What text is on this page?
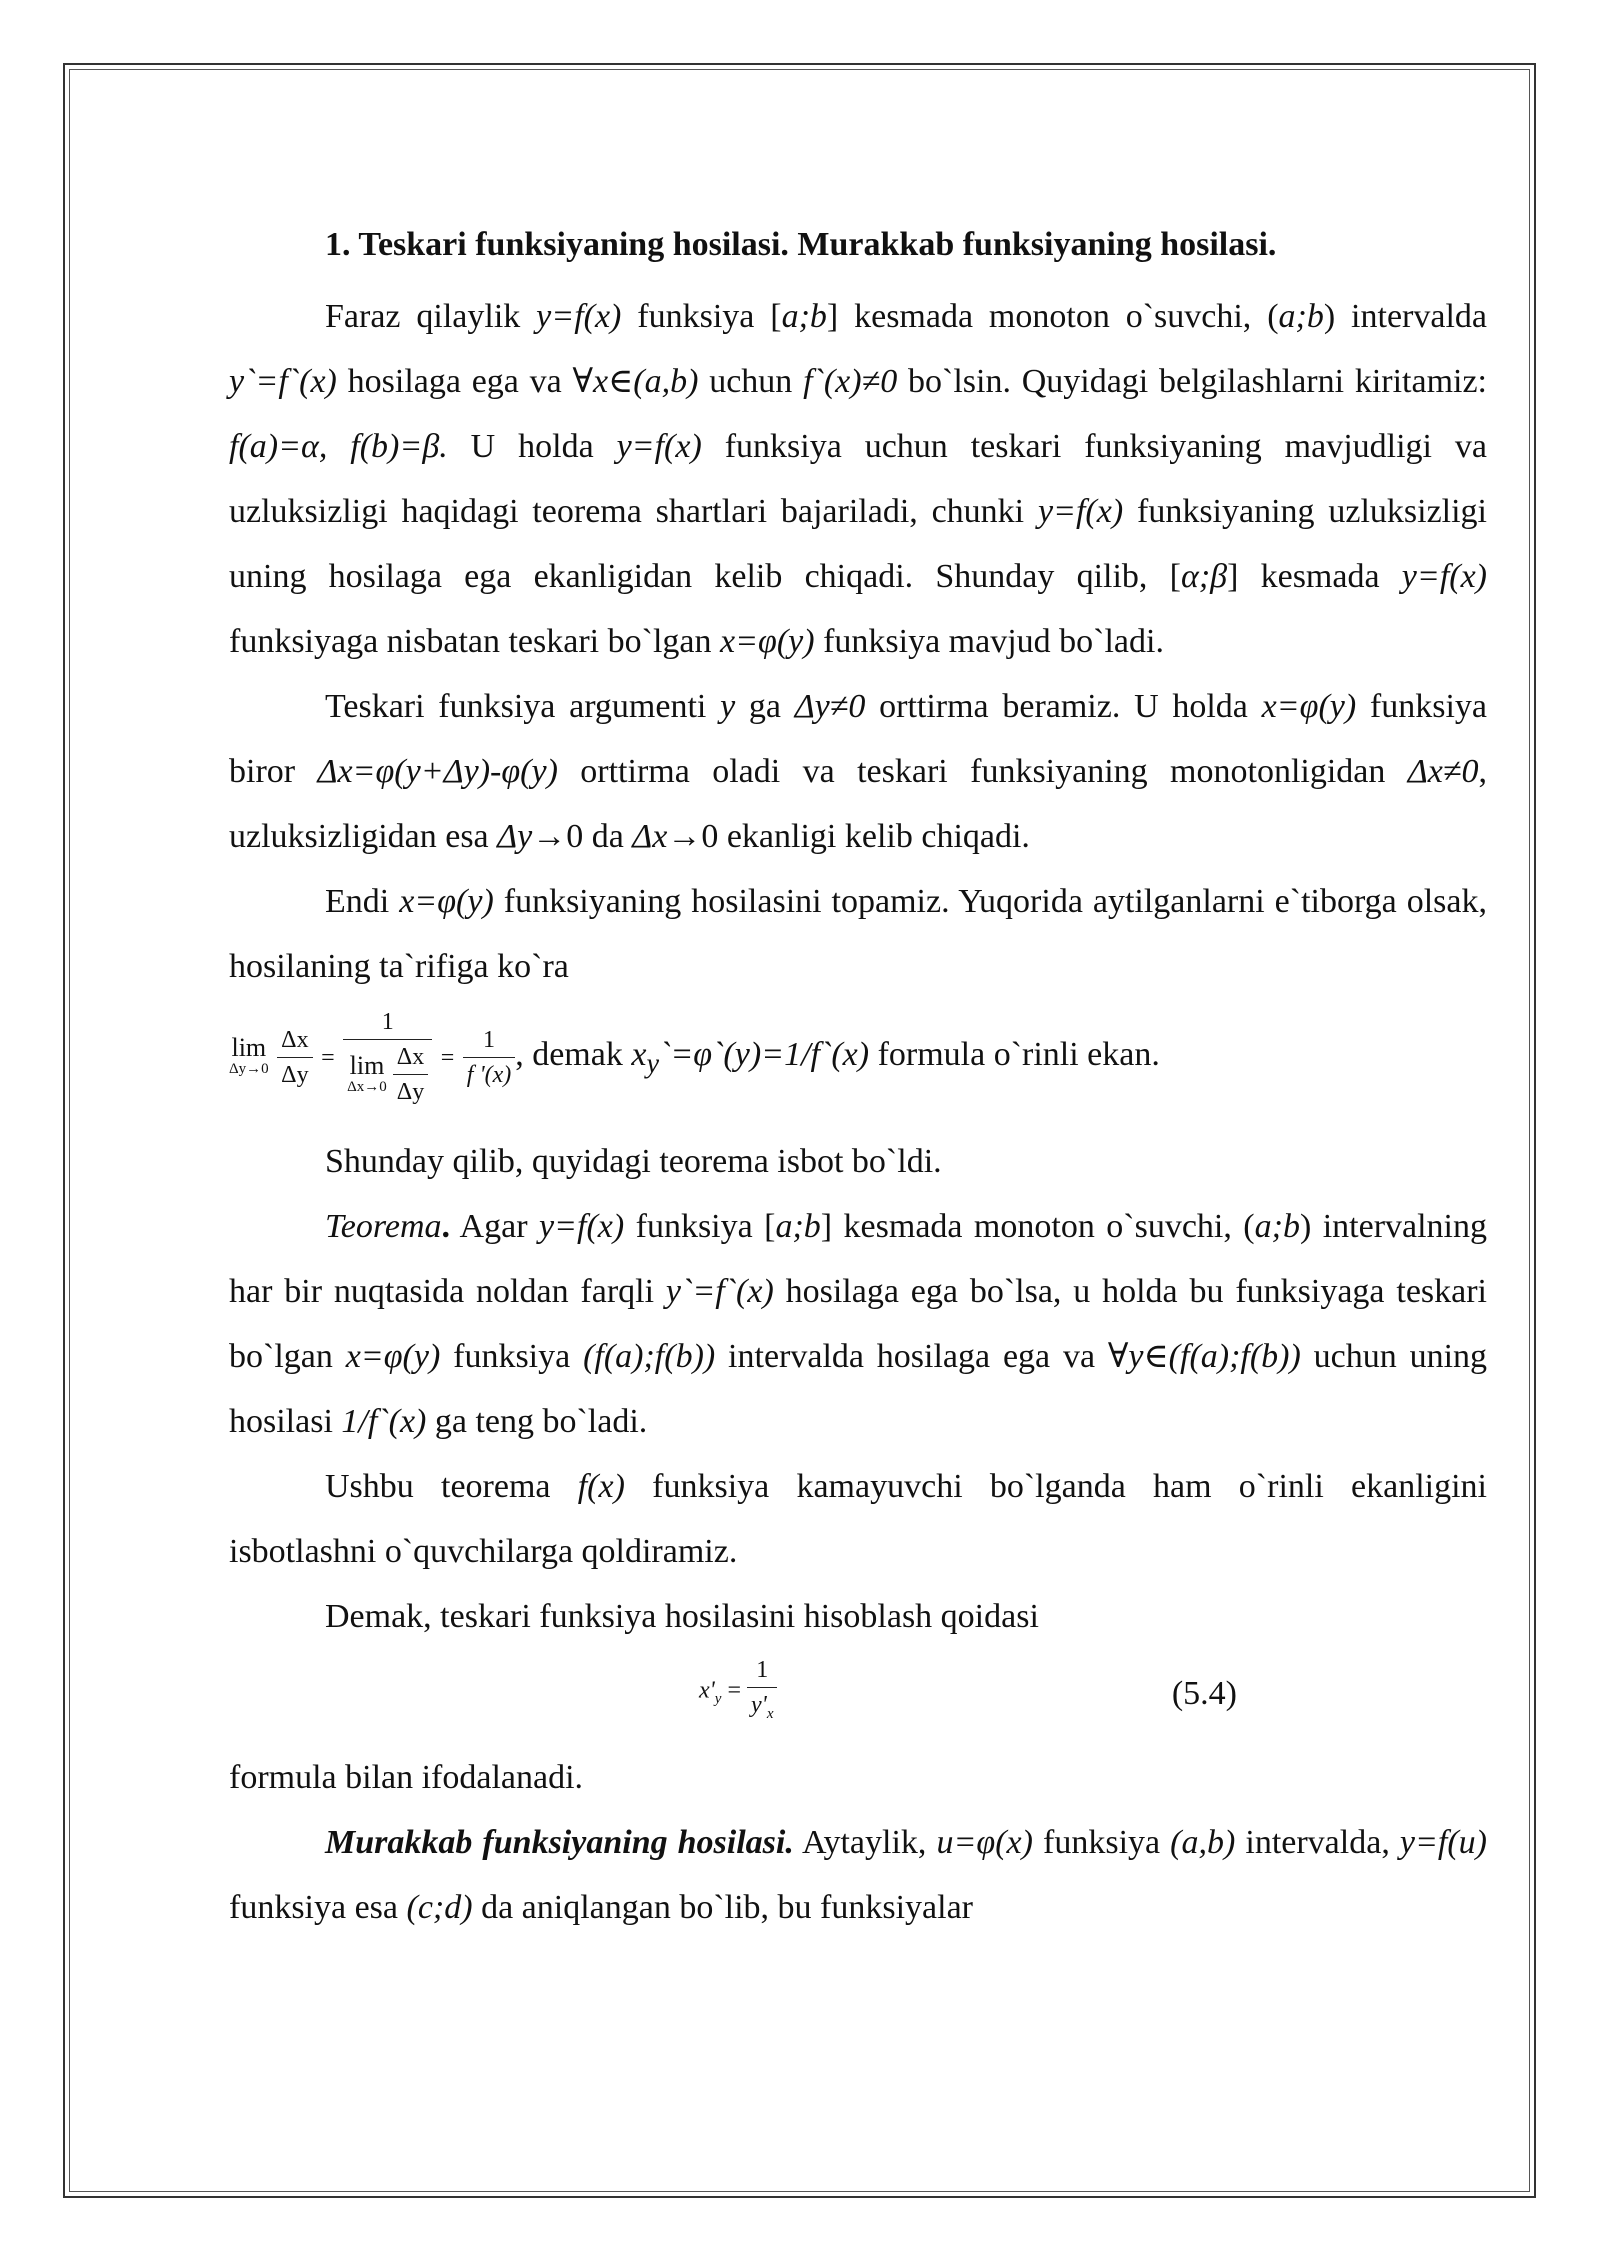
1. Teskari funksiyaning hosilasi. Murakkab funksiyaning hosilasi.

Faraz qilaylik y=f(x) funksiya [a;b] kesmada monoton o`suvchi, (a;b) intervalda y`=f`(x) hosilaga ega va ∀x∈(a,b) uchun f`(x)≠0 bo`lsin. Quyidagi belgilashlarni kiritamiz: f(a)=α, f(b)=β. U holda y=f(x) funksiya uchun teskari funksiyaning mavjudligi va uzluksizligi haqidagi teorema shartlari bajariladi, chunki y=f(x) funksiyaning uzluksizligi uning hosilaga ega ekanligidan kelib chiqadi. Shunday qilib, [α;β] kesmada y=f(x) funksiyaga nisbatan teskari bo`lgan x=φ(y) funksiya mavjud bo`ladi.

Teskari funksiya argumenti y ga Δy≠0 orttirma beramiz. U holda x=φ(y) funksiya biror Δx=φ(y+Δy)-φ(y) orttirma oladi va teskari funksiyaning monotonligidan Δx≠0, uzluksizligidan esa Δy→0 da Δx→0 ekanligi kelib chiqadi.

Endi x=φ(y) funksiyaning hosilasini topamiz. Yuqorida aytilganlarni e`tiborga olsak, hosilaning ta`rifiga ko`ra

lim
Δy→0
$\frac{\Delta x}{\Delta y}$ =
1
lim
Δx→0
$\frac{\Delta x}{\Delta y} = \frac{1}{f '(x)}$ , demak $x_y`=\varphi`(y)=1/f`(x)$ formula o`rinli ekan.

Shunday qilib, quyidagi teorema isbot bo`ldi.

Teorema. Agar y=f(x) funksiya [a;b] kesmada monoton o`suvchi, (a;b) intervalning har bir nuqtasida noldan farqli y`=f`(x) hosilaga ega bo`lsa, u holda bu funksiyaga teskari bo`lgan x=φ(y) funksiya (f(a);f(b)) intervalda hosilaga ega va ∀y∈(f(a);f(b)) uchun uning hosilasi 1/f`(x) ga teng bo`ladi.

Ushbu teorema f(x) funksiya kamayuvchi bo`lganda ham o`rinli ekanligini isbotlashni o`quvchilarga qoldiramiz.

Demak, teskari funksiya hosilasini hisoblash qoidasi

$x'_y = \frac{1}{y'_x}$	(5.4)

formula bilan ifodalanadi.

Murakkab funksiyaning hosilasi. Aytaylik, u=φ(x) funksiya (a,b) intervalda, y=f(u) funksiya esa (c;d) da aniqlangan bo`lib, bu funksiyalar
